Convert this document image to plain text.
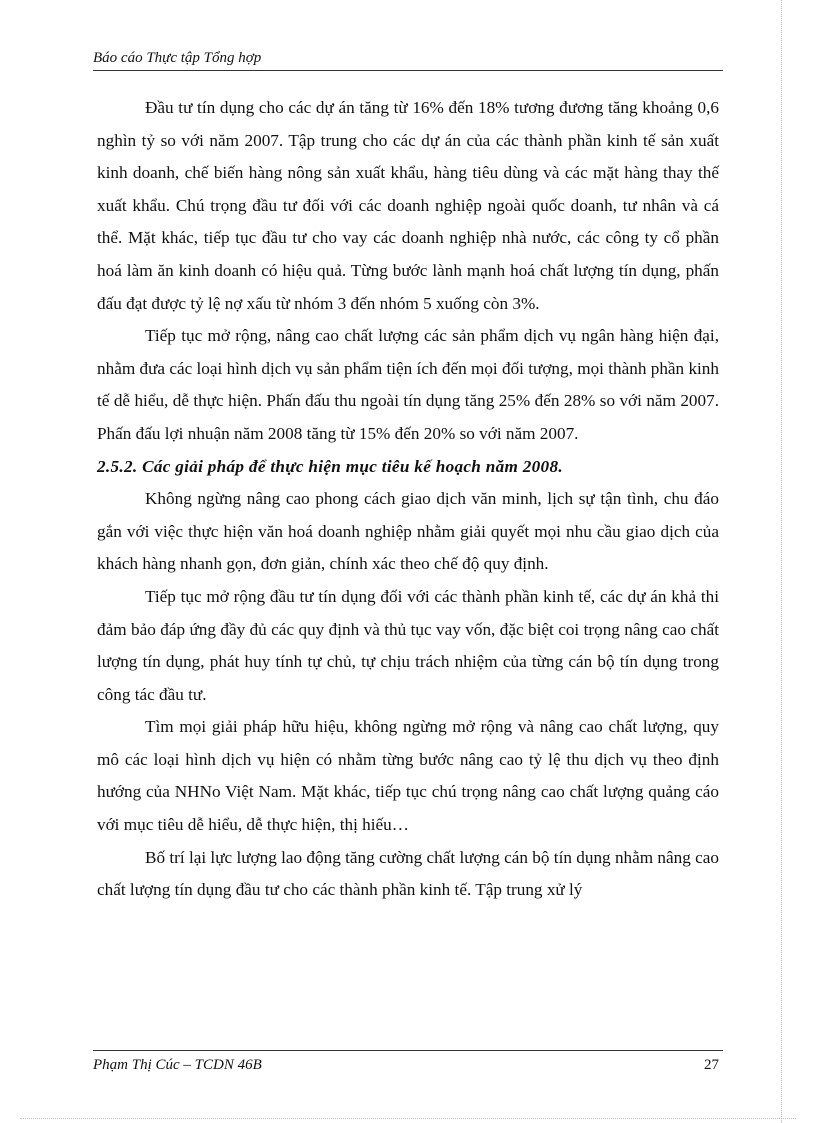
Báo cáo Thực tập Tổng hợp

Đầu tư tín dụng cho các dự án tăng từ 16% đến 18% tương đương tăng khoảng 0,6 nghìn tỷ so với năm 2007. Tập trung cho các dự án của các thành phần kinh tế sản xuất kinh doanh, chế biến hàng nông sản xuất khẩu, hàng tiêu dùng và các mặt hàng thay thế xuất khẩu. Chú trọng đầu tư đối với các doanh nghiệp ngoài quốc doanh, tư nhân và cá thể. Mặt khác, tiếp tục đầu tư cho vay các doanh nghiệp nhà nước, các công ty cổ phần hoá làm ăn kinh doanh có hiệu quả. Từng bước lành mạnh hoá chất lượng tín dụng, phấn đấu đạt được tỷ lệ nợ xấu từ nhóm 3 đến nhóm 5 xuống còn 3%.

Tiếp tục mở rộng, nâng cao chất lượng các sản phẩm dịch vụ ngân hàng hiện đại, nhằm đưa các loại hình dịch vụ sản phẩm tiện ích đến mọi đối tượng, mọi thành phần kinh tế dễ hiểu, dễ thực hiện. Phấn đấu thu ngoài tín dụng tăng 25% đến 28% so với năm 2007. Phấn đấu lợi nhuận năm 2008 tăng từ 15% đến 20% so với năm 2007.

2.5.2. Các giải pháp để thực hiện mục tiêu kế hoạch năm 2008.

Không ngừng nâng cao phong cách giao dịch văn minh, lịch sự tận tình, chu đáo gắn với việc thực hiện văn hoá doanh nghiệp nhằm giải quyết mọi nhu cầu giao dịch của khách hàng nhanh gọn, đơn giản, chính xác theo chế độ quy định.

Tiếp tục mở rộng đầu tư tín dụng đối với các thành phần kinh tế, các dự án khả thi đảm bảo đáp ứng đầy đủ các quy định và thủ tục vay vốn, đặc biệt coi trọng nâng cao chất lượng tín dụng, phát huy tính tự chủ, tự chịu trách nhiệm của từng cán bộ tín dụng trong công tác đầu tư.

Tìm mọi giải pháp hữu hiệu, không ngừng mở rộng và nâng cao chất lượng, quy mô các loại hình dịch vụ hiện có nhằm từng bước nâng cao tỷ lệ thu dịch vụ theo định hướng của NHNo Việt Nam. Mặt khác, tiếp tục chú trọng nâng cao chất lượng quảng cáo với mục tiêu dễ hiểu, dễ thực hiện, thị hiếu…

Bố trí lại lực lượng lao động tăng cường chất lượng cán bộ tín dụng nhằm nâng cao chất lượng tín dụng đầu tư cho các thành phần kinh tế. Tập trung xử lý

Phạm Thị Cúc – TCDN 46B	27
